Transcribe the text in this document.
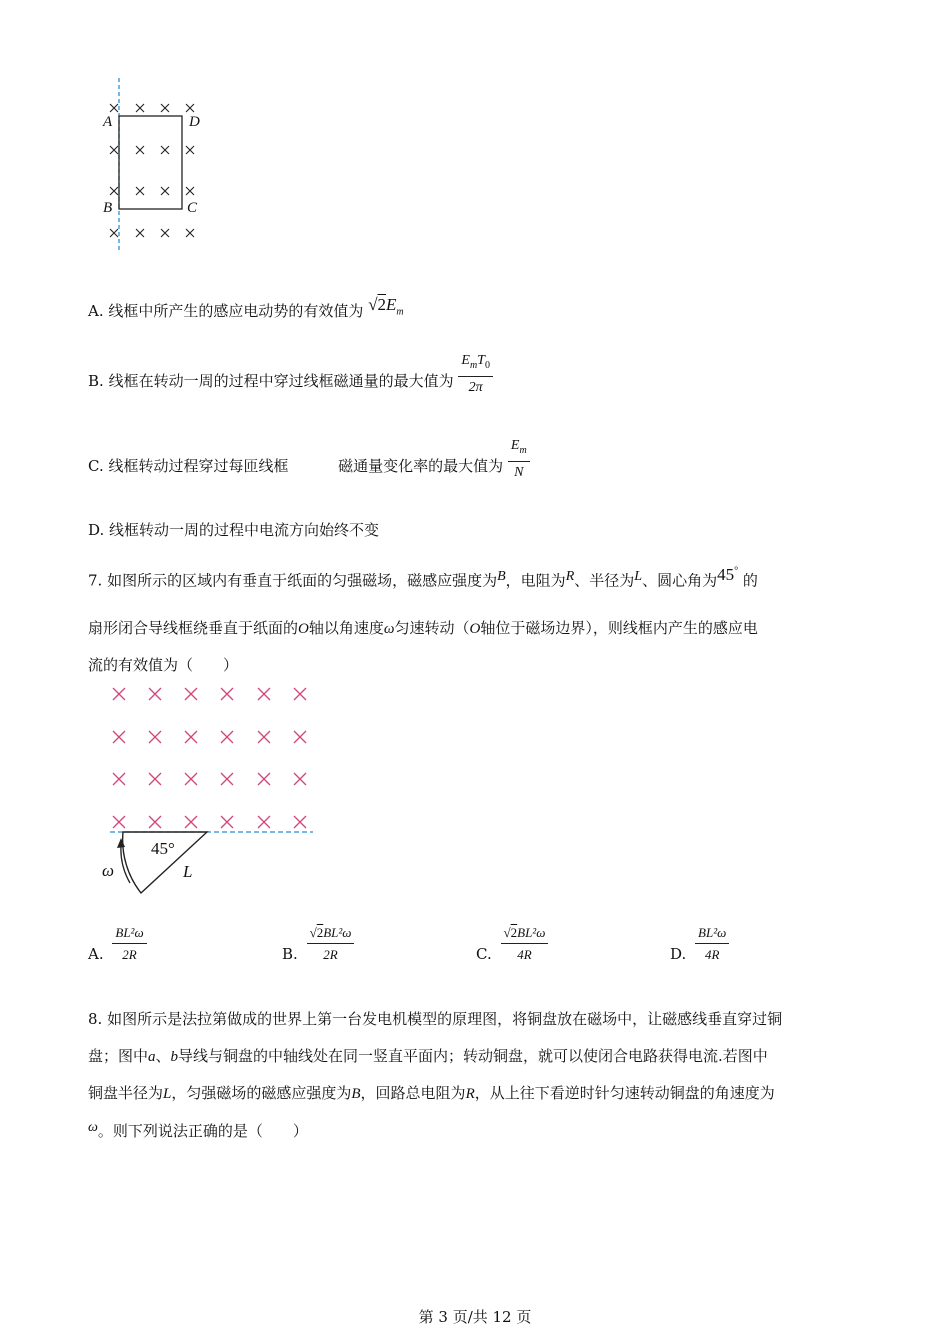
A	D
B	C
A. 线框中所产生的感应电动势的有效值为 $√2E_m$
B. 线框在转动一周的过程中穿过线框磁通量的最大值为 $\frac{E_mT_0}{2\pi}$
C. 线框转动过程穿过每匝线框	磁通量变化率的最大值为 $\frac{E_m}{N}$
D. 线框转动一周的过程中电流方向始终不变
7. 如图所示的区域内有垂直于纸面的匀强磁场，磁感应强度为B，电阻为R、半径为L、圆心角为45° 的
扇形闭合导线框绕垂直于纸面的O轴以角速度ω匀速转动（O轴位于磁场边界），则线框内产生的感应电
流的有效值为（　　）
45°
ω	L
A. $\frac{\text{BL²ω}}{2R}$	B. $\frac{\text{√2BL²ω}}{2R}$	C. $\frac{\text{√2BL²ω}}{4R}$	D. $\frac{\text{BL²ω}}{4R}$
8. 如图所示是法拉第做成的世界上第一台发电机模型的原理图，将铜盘放在磁场中，让磁感线垂直穿过铜
盘；图中a、b导线与铜盘的中轴线处在同一竖直平面内；转动铜盘，就可以使闭合电路获得电流.若图中
铜盘半径为L，匀强磁场的磁感应强度为B，回路总电阻为R，从上往下看逆时针匀速转动铜盘的角速度为
ω。则下列说法正确的是（　　）
第 3 页/共 12 页
